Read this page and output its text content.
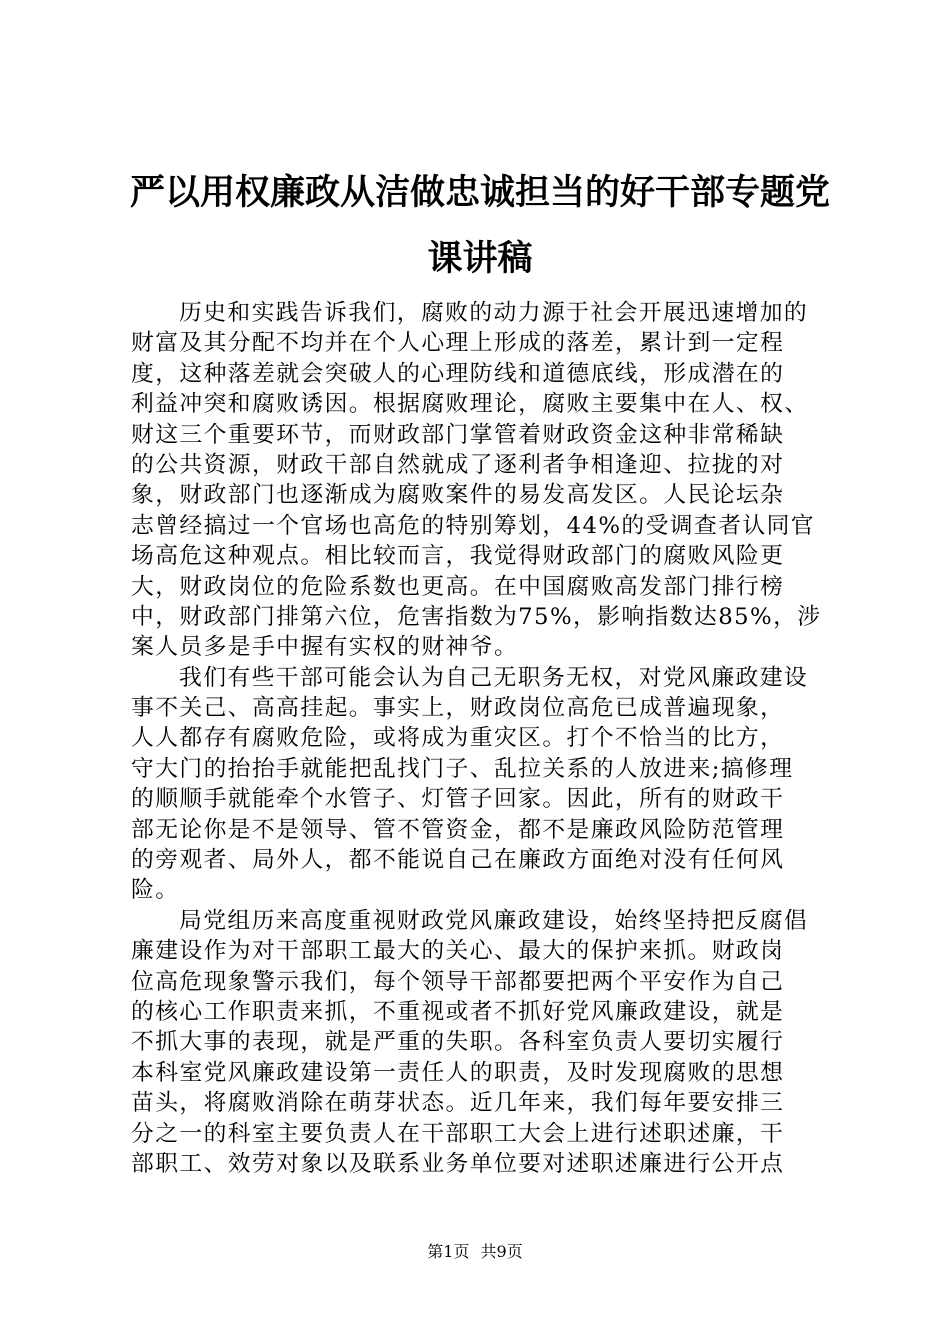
严以用权廉政从洁做忠诚担当的好干部专题党
课讲稿
历史和实践告诉我们，腐败的动力源于社会开展迅速增加的
财富及其分配不均并在个人心理上形成的落差，累计到一定程
度，这种落差就会突破人的心理防线和道德底线，形成潜在的
利益冲突和腐败诱因。根据腐败理论，腐败主要集中在人、权、
财这三个重要环节，而财政部门掌管着财政资金这种非常稀缺
的公共资源，财政干部自然就成了逐利者争相逢迎、拉拢的对
象，财政部门也逐渐成为腐败案件的易发高发区。人民论坛杂
志曾经搞过一个官场也高危的特别筹划，44%的受调查者认同官
场高危这种观点。相比较而言，我觉得财政部门的腐败风险更
大，财政岗位的危险系数也更高。在中国腐败高发部门排行榜
中，财政部门排第六位，危害指数为75%，影响指数达85%，涉
案人员多是手中握有实权的财神爷。
我们有些干部可能会认为自己无职务无权，对党风廉政建设
事不关己、高高挂起。事实上，财政岗位高危已成普遍现象，
人人都存有腐败危险，或将成为重灾区。打个不恰当的比方，
守大门的抬抬手就能把乱找门子、乱拉关系的人放进来;搞修理
的顺顺手就能牵个水管子、灯管子回家。因此，所有的财政干
部无论你是不是领导、管不管资金，都不是廉政风险防范管理
的旁观者、局外人，都不能说自己在廉政方面绝对没有任何风
险。
局党组历来高度重视财政党风廉政建设，始终坚持把反腐倡
廉建设作为对干部职工最大的关心、最大的保护来抓。财政岗
位高危现象警示我们，每个领导干部都要把两个平安作为自己
的核心工作职责来抓，不重视或者不抓好党风廉政建设，就是
不抓大事的表现，就是严重的失职。各科室负责人要切实履行
本科室党风廉政建设第一责任人的职责，及时发现腐败的思想
苗头，将腐败消除在萌芽状态。近几年来，我们每年要安排三
分之一的科室主要负责人在干部职工大会上进行述职述廉，干
部职工、效劳对象以及联系业务单位要对述职述廉进行公开点
第1页 共9页
